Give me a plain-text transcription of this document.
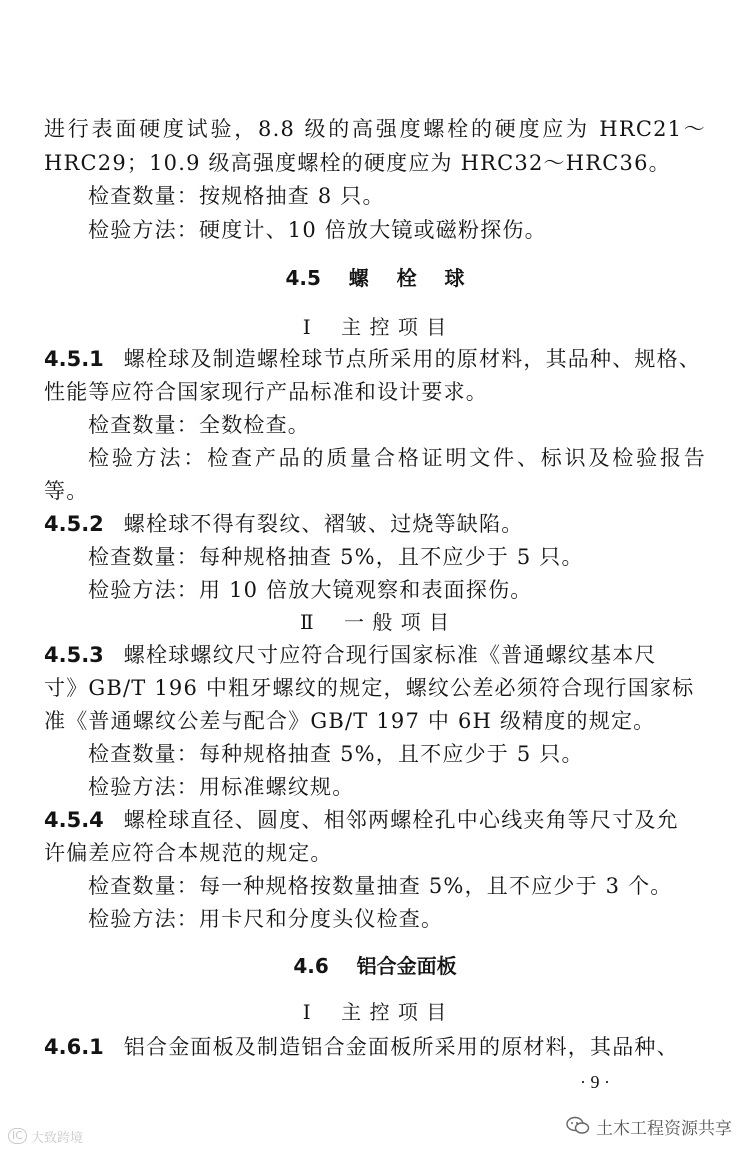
进行表面硬度试验，8.8 级的高强度螺栓的硬度应为 HRC21～
HRC29；10.9 级高强度螺栓的硬度应为 HRC32～HRC36。
检查数量：按规格抽查 8 只。
检验方法：硬度计、10 倍放大镜或磁粉探伤。
4.5    螺    栓    球
Ⅰ    主 控 项 目
4.5.1 螺栓球及制造螺栓球节点所采用的原材料，其品种、规格、
性能等应符合国家现行产品标准和设计要求。
检查数量：全数检查。
检验方法：检查产品的质量合格证明文件、标识及检验报告
等。
4.5.2 螺栓球不得有裂纹、褶皱、过烧等缺陷。
检查数量：每种规格抽查 5%，且不应少于 5 只。
检验方法：用 10 倍放大镜观察和表面探伤。
Ⅱ    一 般 项 目
4.5.3 螺栓球螺纹尺寸应符合现行国家标准《普通螺纹基本尺
寸》GB/T 196 中粗牙螺纹的规定，螺纹公差必须符合现行国家标
准《普通螺纹公差与配合》GB/T 197 中 6H 级精度的规定。
检查数量：每种规格抽查 5%，且不应少于 5 只。
检验方法：用标准螺纹规。
4.5.4 螺栓球直径、圆度、相邻两螺栓孔中心线夹角等尺寸及允
许偏差应符合本规范的规定。
检查数量：每一种规格按数量抽查 5%，且不应少于 3 个。
检验方法：用卡尺和分度头仪检查。
4.6    铝合金面板
Ⅰ    主 控 项 目
4.6.1 铝合金面板及制造铝合金面板所采用的原材料，其品种、
· 9 ·
土木工程资源共享
IC 大致跨境
